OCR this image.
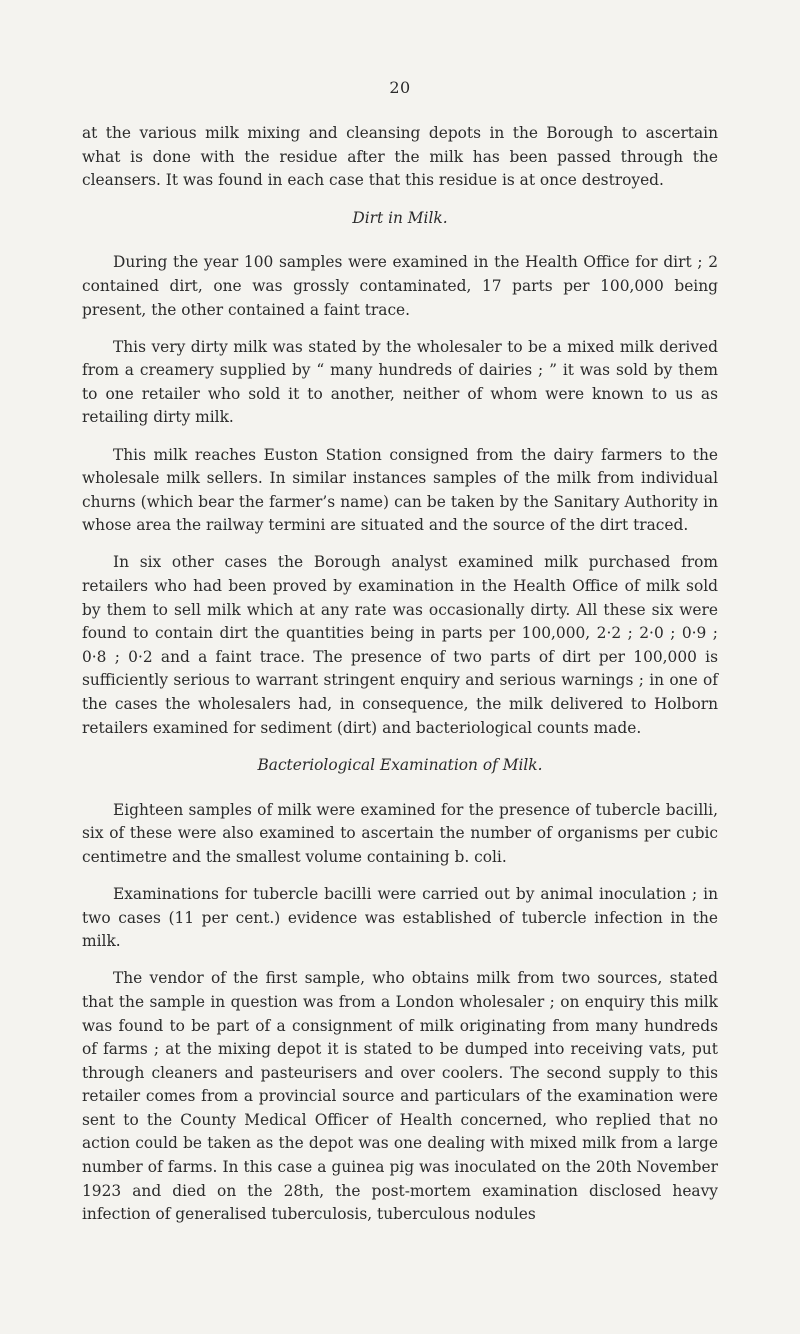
20

at the various milk mixing and cleansing depots in the Borough to ascertain what is done with the residue after the milk has been passed through the cleansers. It was found in each case that this residue is at once destroyed.

Dirt in Milk.

During the year 100 samples were examined in the Health Office for dirt ; 2 contained dirt, one was grossly contaminated, 17 parts per 100,000 being present, the other contained a faint trace.

This very dirty milk was stated by the wholesaler to be a mixed milk derived from a creamery supplied by “ many hundreds of dairies ; ” it was sold by them to one retailer who sold it to another, neither of whom were known to us as retailing dirty milk.

This milk reaches Euston Station consigned from the dairy farmers to the wholesale milk sellers. In similar instances samples of the milk from individual churns (which bear the farmer’s name) can be taken by the Sanitary Authority in whose area the railway termini are situated and the source of the dirt traced.

In six other cases the Borough analyst examined milk purchased from retailers who had been proved by examination in the Health Office of milk sold by them to sell milk which at any rate was occasionally dirty. All these six were found to contain dirt the quantities being in parts per 100,000, 2·2 ; 2·0 ; 0·9 ; 0·8 ; 0·2 and a faint trace. The presence of two parts of dirt per 100,000 is sufficiently serious to warrant stringent enquiry and serious warnings ; in one of the cases the wholesalers had, in consequence, the milk delivered to Holborn retailers examined for sediment (dirt) and bacteriological counts made.

Bacteriological Examination of Milk.

Eighteen samples of milk were examined for the presence of tubercle bacilli, six of these were also examined to ascertain the number of organisms per cubic centimetre and the smallest volume containing b. coli.

Examinations for tubercle bacilli were carried out by animal inoculation ; in two cases (11 per cent.) evidence was established of tubercle infection in the milk.

The vendor of the first sample, who obtains milk from two sources, stated that the sample in question was from a London wholesaler ; on enquiry this milk was found to be part of a consignment of milk originating from many hundreds of farms ; at the mixing depot it is stated to be dumped into receiving vats, put through cleaners and pasteurisers and over coolers. The second supply to this retailer comes from a provincial source and particulars of the examination were sent to the County Medical Officer of Health concerned, who replied that no action could be taken as the depot was one dealing with mixed milk from a large number of farms. In this case a guinea pig was inoculated on the 20th November 1923 and died on the 28th, the post-mortem examination disclosed heavy infection of generalised tuberculosis, tuberculous nodules
